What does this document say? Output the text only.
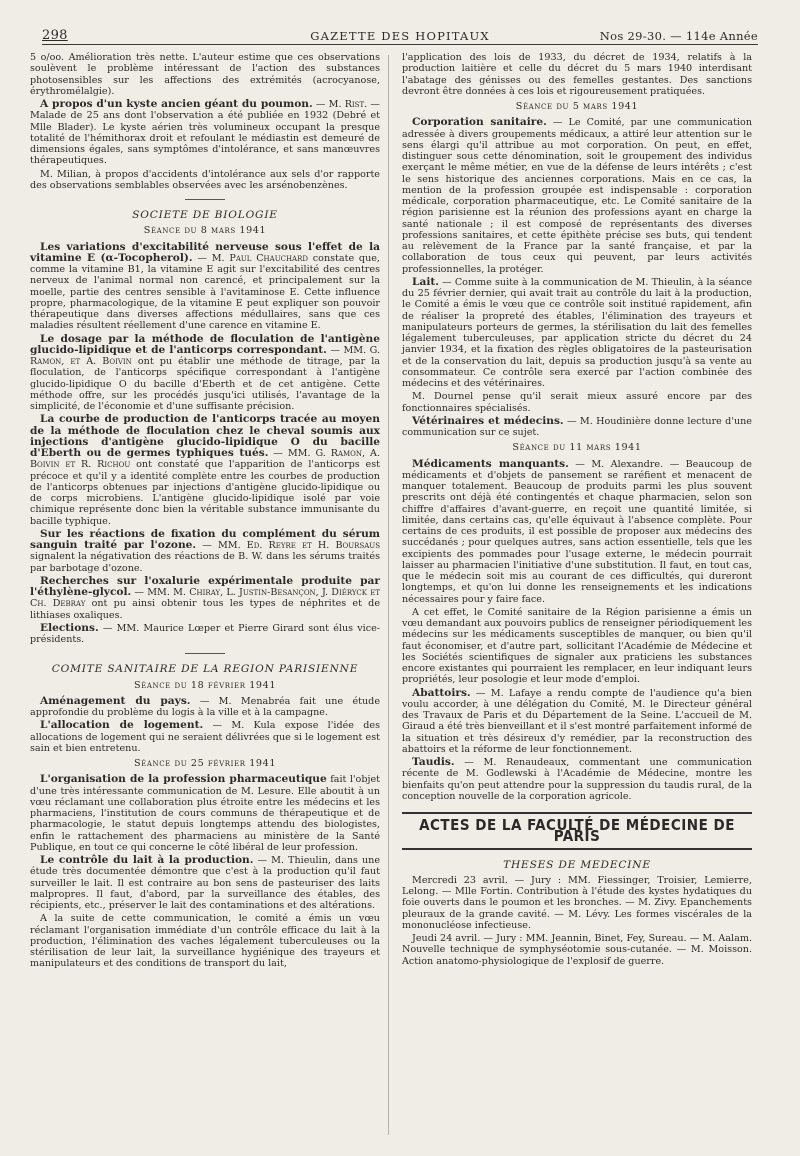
298	GAZETTE DES HOPITAUX	Nos 29-30. — 114e Année

5 o/oo. Amélioration très nette. L'auteur estime que ces observations soulèvent le problème intéressant de l'action des substances photosensibles sur les affections des extrémités (acrocyanose, érythromélalgie).

A propos d'un kyste ancien géant du poumon. — M. Rist. — Malade de 25 ans dont l'observation a été publiée en 1932 (Debré et Mlle Blader). Le kyste aérien très volumineux occupant la presque totalité de l'hémithorax droit et refoulant le médiastin est demeuré de dimensions égales, sans symptômes d'intolérance, et sans manœuvres thérapeutiques.

M. Milian, à propos d'accidents d'intolérance aux sels d'or rapporte des observations semblables observées avec les arsénobenzènes.

SOCIETE DE BIOLOGIE
Séance du 8 mars 1941

Les variations d'excitabilité nerveuse sous l'effet de la vitamine E (α-Tocopherol). — M. Paul Chauchard constate que, comme la vitamine B1, la vitamine E agit sur l'excitabilité des centres nerveux de l'animal normal non carencé, et principalement sur la moelle, partie des centres sensible à l'avitaminose E. Cette influence propre, pharmacologique, de la vitamine E peut expliquer son pouvoir thérapeutique dans diverses affections médullaires, sans que ces maladies résultent réellement d'une carence en vitamine E.

Le dosage par la méthode de floculation de l'antigène glucido-lipidique et de l'anticorps correspondant. — MM. G. Ramon, et A. Boivin ont pu établir une méthode de titrage, par la floculation, de l'anticorps spécifique correspondant à l'antigène glucido-lipidique O du bacille d'Eberth et de cet antigène. Cette méthode offre, sur les procédés jusqu'ici utilisés, l'avantage de la simplicité, de l'économie et d'une suffisante précision.

La courbe de production de l'anticorps tracée au moyen de la méthode de floculation chez le cheval soumis aux injections d'antigène glucido-lipidique O du bacille d'Eberth ou de germes typhiques tués. — MM. G. Ramon, A. Boivin et R. Richou ont constaté que l'apparition de l'anticorps est précoce et qu'il y a identité complète entre les courbes de production de l'anticorps obtenues par injections d'antigène glucido-lipidique ou de corps microbiens. L'antigène glucido-lipidique isolé par voie chimique représente donc bien la véritable substance immunisante du bacille typhique.

Sur les réactions de fixation du complément du sérum sanguin traité par l'ozone. — MM. Ed. Reyre et H. Boursaus signalent la négativation des réactions de B. W. dans les sérums traités par barbotage d'ozone.

Recherches sur l'oxalurie expérimentale produite par l'éthylène-glycol. — MM. M. Chiray, L. Justin-Besançon, J. Diéryck et Ch. Debray ont pu ainsi obtenir tous les types de néphrites et de lithiases oxaliques.

Elections. — MM. Maurice Lœper et Pierre Girard sont élus vice-présidents.

COMITE SANITAIRE DE LA REGION PARISIENNE
Séance du 18 février 1941

Aménagement du pays. — M. Menabréa fait une étude approfondie du problème du logis à la ville et à la campagne.

L'allocation de logement. — M. Kula expose l'idée des allocations de logement qui ne seraient délivrées que si le logement est sain et bien entretenu.

Séance du 25 février 1941

L'organisation de la profession pharmaceutique fait l'objet d'une très intéressante communication de M. Lesure. Elle aboutit à un vœu réclamant une collaboration plus étroite entre les médecins et les pharmaciens, l'institution de cours communs de thérapeutique et de pharmacologie, le statut depuis longtemps attendu des biologistes, enfin le rattachement des pharmaciens au ministère de la Santé Publique, en tout ce qui concerne le côté libéral de leur profession.

Le contrôle du lait à la production. — M. Thieulin, dans une étude très documentée démontre que c'est à la production qu'il faut surveiller le lait. Il est contraire au bon sens de pasteuriser des laits malpropres. Il faut, d'abord, par la surveillance des étables, des récipients, etc., préserver le lait des contaminations et des altérations.

A la suite de cette communication, le comité a émis un vœu réclamant l'organisation immédiate d'un contrôle efficace du lait à la production, l'élimination des vaches légalement tuberculeuses ou la stérilisation de leur lait, la surveillance hygiénique des trayeurs et manipulateurs et des conditions de transport du lait,

l'application des lois de 1933, du décret de 1934, relatifs à la production laitière et celle du décret du 5 mars 1940 interdisant l'abatage des génisses ou des femelles gestantes. Des sanctions devront être données à ces lois et rigoureusement pratiquées.

Séance du 5 mars 1941

Corporation sanitaire. — Le Comité, par une communication adressée à divers groupements médicaux, a attiré leur attention sur le sens élargi qu'il attribue au mot corporation. On peut, en effet, distinguer sous cette dénomination, soit le groupement des individus exerçant le même métier, en vue de la défense de leurs intérêts ; c'est le sens historique des anciennes corporations. Mais en ce cas, la mention de la profession groupée est indispensable : corporation médicale, corporation pharmaceutique, etc. Le Comité sanitaire de la région parisienne est la réunion des professions ayant en charge la santé nationale ; il est composé de représentants des diverses professions sanitaires, et cette épithète précise ses buts, qui tendent au relèvement de la France par la santé française, et par la collaboration de tous ceux qui peuvent, par leurs activités professionnelles, la protéger.

Lait. — Comme suite à la communication de M. Thieulin, à la séance du 25 février dernier, qui avait trait au contrôle du lait à la production, le Comité a émis le vœu que ce contrôle soit institué rapidement, afin de réaliser la propreté des étables, l'élimination des trayeurs et manipulateurs porteurs de germes, la stérilisation du lait des femelles légalement tuberculeuses, par application stricte du décret du 24 janvier 1934, et la fixation des règles obligatoires de la pasteurisation et de la conservation du lait, depuis sa production jusqu'à sa vente au consommateur. Ce contrôle sera exercé par l'action combinée des médecins et des vétérinaires.

M. Dournel pense qu'il serait mieux assuré encore par des fonctionnaires spécialisés.

Vétérinaires et médecins. — M. Houdinière donne lecture d'une communication sur ce sujet.

Séance du 11 mars 1941

Médicaments manquants. — M. Alexandre. — Beaucoup de médicaments et d'objets de pansement se raréfient et menacent de manquer totalement. Beaucoup de produits parmi les plus souvent prescrits ont déjà été contingentés et chaque pharmacien, selon son chiffre d'affaires d'avant-guerre, en reçoit une quantité limitée, si limitée, dans certains cas, qu'elle équivaut à l'absence complète. Pour certains de ces produits, il est possible de proposer aux médecins des succédanés ; pour quelques autres, sans action essentielle, tels que les excipients des pommades pour l'usage externe, le médecin pourrait laisser au pharmacien l'initiative d'une substitution. Il faut, en tout cas, que le médecin soit mis au courant de ces difficultés, qui dureront longtemps, et qu'on lui donne les renseignements et les indications nécessaires pour y faire face.

A cet effet, le Comité sanitaire de la Région parisienne a émis un vœu demandant aux pouvoirs publics de renseigner périodiquement les médecins sur les médicaments susceptibles de manquer, ou bien qu'il faut économiser, et d'autre part, sollicitant l'Académie de Médecine et les Sociétés scientifiques de signaler aux praticiens les substances encore existantes qui pourraient les remplacer, en leur indiquant leurs propriétés, leur posologie et leur mode d'emploi.

Abattoirs. — M. Lafaye a rendu compte de l'audience qu'a bien voulu accorder, à une délégation du Comité, M. le Directeur général des Travaux de Paris et du Département de la Seine. L'accueil de M. Giraud a été très bienveillant et il s'est montré parfaitement informé de la situation et très désireux d'y remédier, par la reconstruction des abattoirs et la réforme de leur fonctionnement.

Taudis. — M. Renaudeaux, commentant une communication récente de M. Godlewski à l'Académie de Médecine, montre les bienfaits qu'on peut attendre pour la suppression du taudis rural, de la conception nouvelle de la corporation agricole.

ACTES DE LA FACULTÉ DE MÉDECINE DE PARIS
THESES DE MEDECINE

Mercredi 23 avril. — Jury : MM. Fiessinger, Troisier, Lemierre, Lelong. — Mlle Fortin. Contribution à l'étude des kystes hydatiques du foie ouverts dans le poumon et les bronches. — M. Zivy. Epanchements pleuraux de la grande cavité. — M. Lévy. Les formes viscérales de la mononucléose infectieuse.

Jeudi 24 avril. — Jury : MM. Jeannin, Binet, Fey, Sureau. — M. Aalam. Nouvelle technique de symphyséotomie sous-cutanée. — M. Moisson. Action anatomo-physiologique de l'explosif de guerre.
